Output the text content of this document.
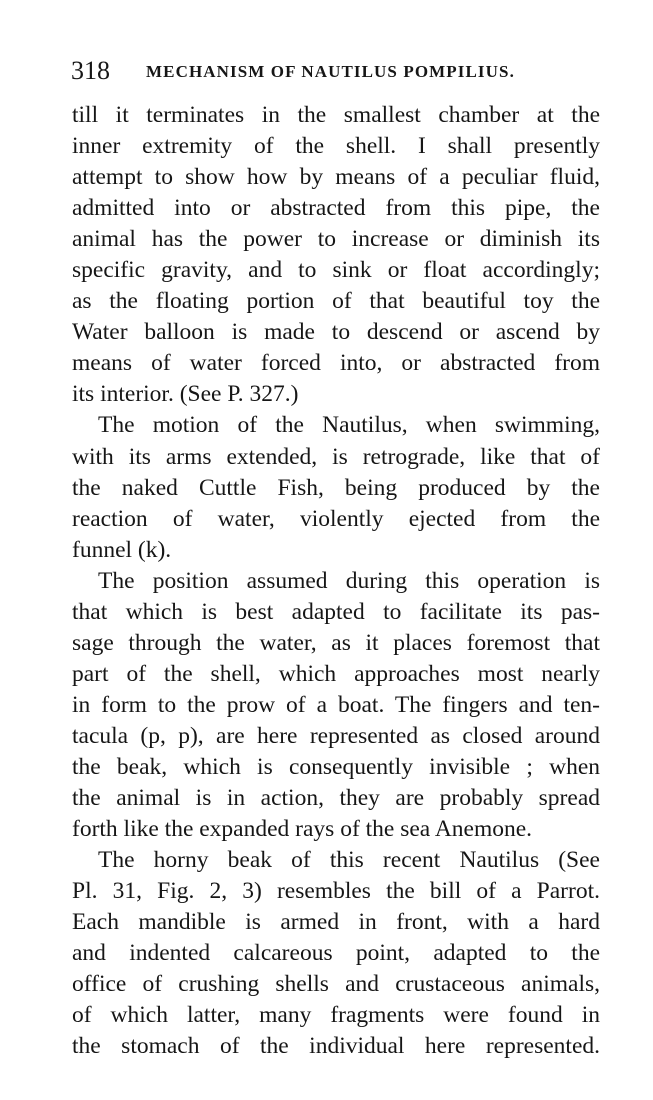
318 MECHANISM OF NAUTILUS POMPILIUS.
till it terminates in the smallest chamber at the
inner extremity of the shell. I shall presently
attempt to show how by means of a peculiar fluid,
admitted into or abstracted from this pipe, the
animal has the power to increase or diminish its
specific gravity, and to sink or float accordingly;
as the floating portion of that beautiful toy the
Water balloon is made to descend or ascend by
means of water forced into, or abstracted from
its interior. (See P. 327.)
The motion of the Nautilus, when swimming,
with its arms extended, is retrograde, like that of
the naked Cuttle Fish, being produced by the
reaction of water, violently ejected from the
funnel (k).
The position assumed during this operation is
that which is best adapted to facilitate its pas-
sage through the water, as it places foremost that
part of the shell, which approaches most nearly
in form to the prow of a boat. The fingers and ten-
tacula (p, p), are here represented as closed around
the beak, which is consequently invisible ; when
the animal is in action, they are probably spread
forth like the expanded rays of the sea Anemone.
The horny beak of this recent Nautilus (See
Pl. 31, Fig. 2, 3) resembles the bill of a Parrot.
Each mandible is armed in front, with a hard
and indented calcareous point, adapted to the
office of crushing shells and crustaceous animals,
of which latter, many fragments were found in
the stomach of the individual here represented.
